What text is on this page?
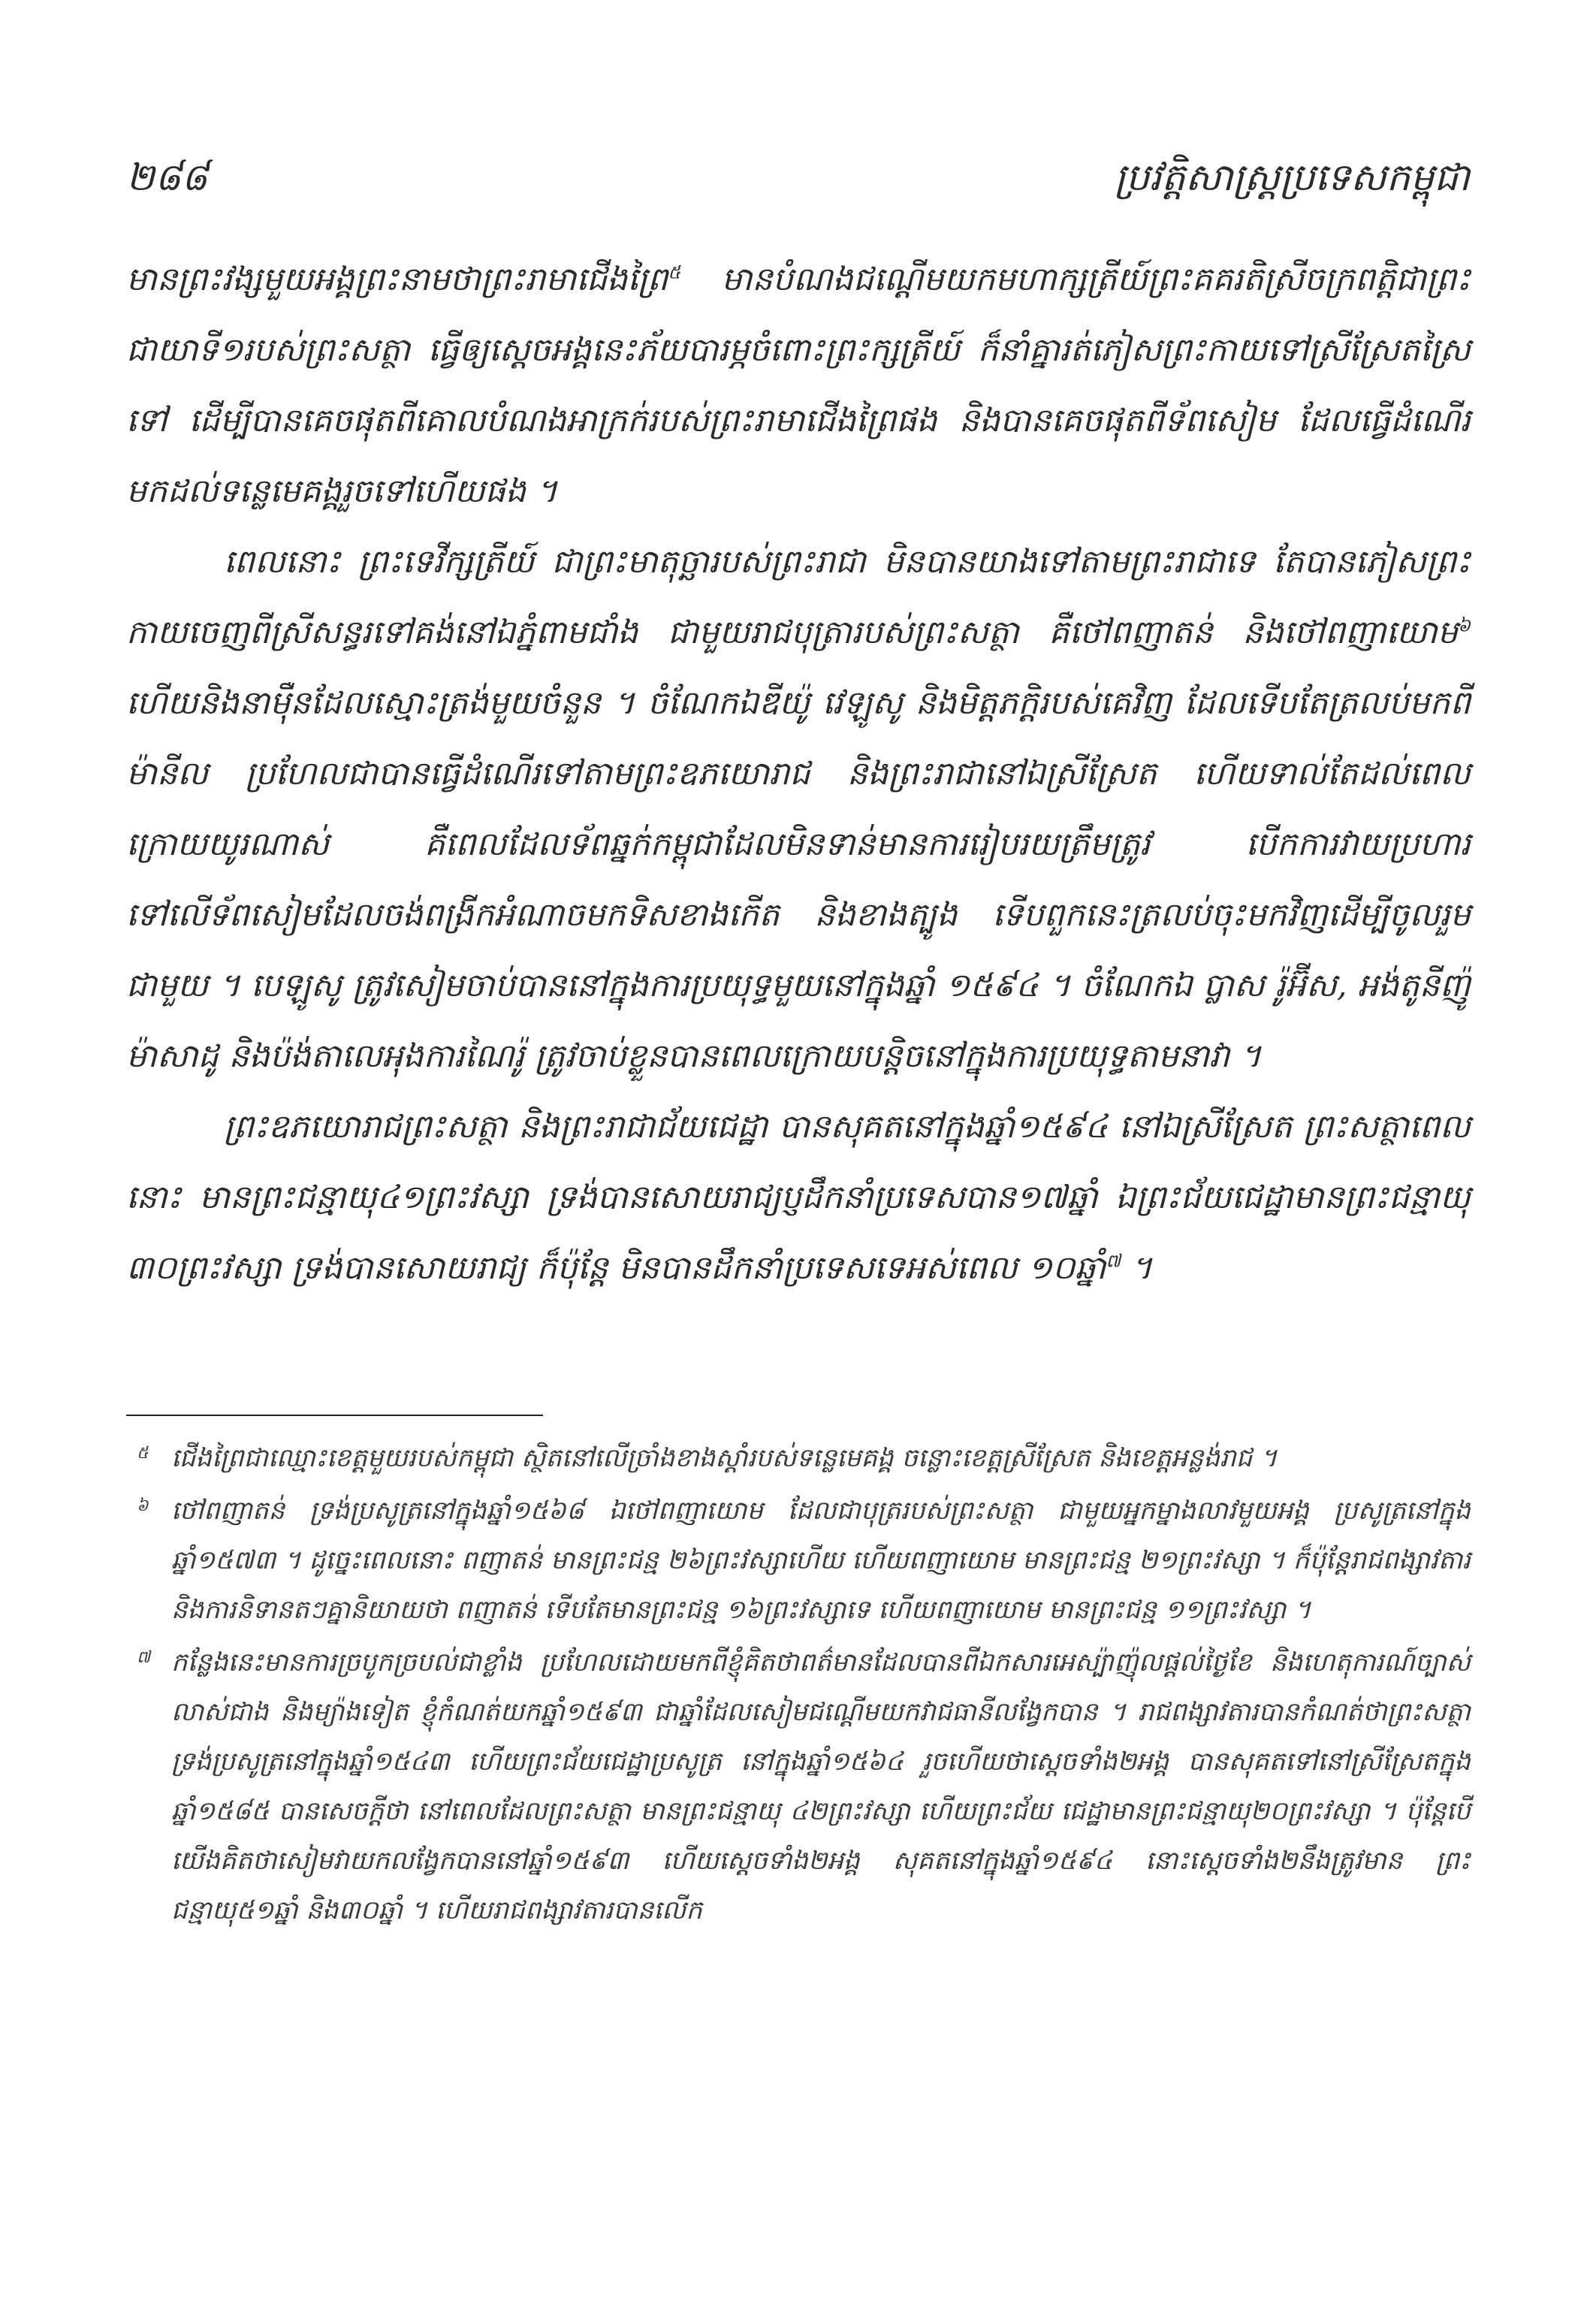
២៨៨	ប្រវត្តិសាស្ត្រប្រទេសកម្ពុជា

មានព្រះវង្សមួយអង្គព្រះនាមថាព្រះរាមាជើងព្រៃ$^៥$ មានបំណងជណ្តើមយកមហាក្សត្រីយ៍ព្រះគគរតិស្រីចក្រពត្តិជាព្រះជាយាទី១របស់ព្រះសត្ថា ធ្វើឲ្យស្តេចអង្គនេះភ័យបារម្ភចំពោះព្រះក្សត្រីយ៍ ក៏នាំគ្នារត់ភៀសព្រះកាយទៅស្រីស្រែតស្រៃទៅ ដើម្បីបានគេចផុតពីគោលបំណងអាក្រក់របស់ព្រះរាមាជើងព្រៃផង និងបានគេចផុតពីទ័ពសៀម ដែលធ្វើដំណើរមកដល់ទន្លេមេគង្គរួចទៅហើយផង ។

ពេលនោះ ព្រះទេវីក្សត្រីយ៍ ជាព្រះមាតុច្ឆារបស់ព្រះរាជា មិនបានយាងទៅតាមព្រះរាជាទេ តែបានភៀសព្រះកាយចេញពីស្រីសន្ធរទៅគង់នៅឯភ្នំពាមជាំង ជាមួយរាជបុត្រារបស់ព្រះសត្ថា គឺថៅពញាតន់ និងថៅពញាយោម$^៦$ ហើយនិងនាម៉ឺនដែលស្មោះត្រង់មួយចំនួន ។ ចំណែកឯឌីយ៉ូ វេឡូសូ និងមិត្តភក្តិរបស់គេវិញ ដែលទើបតែត្រលប់មកពីម៉ានីល ប្រហែលជាបានធ្វើដំណើរទៅតាមព្រះឧភយោរាជ និងព្រះរាជានៅឯស្រីស្រែត ហើយទាល់តែដល់ពេលក្រោយយូរណាស់ គឺពេលដែលទ័ពឆ្នក់កម្ពុជាដែលមិនទាន់មានការរៀបរយត្រឹមត្រូវ បើកការវាយប្រហារទៅលើទ័ពសៀមដែលចង់ពង្រីកអំណាចមកទិសខាងកើត និងខាងត្បូង ទើបពួកនេះត្រលប់ចុះមកវិញដើម្បីចូលរួមជាមួយ ។ បេឡូសូ ត្រូវសៀមចាប់បាននៅក្នុងការប្រយុទ្ធមួយនៅក្នុងឆ្នាំ ១៥៩៤ ។ ចំណែកឯ ប្លាស រ៉ូអ៊ីស, អង់តូនីញ៉ូ ម៉ាសាដូ និងប៉ង់តាលេអុងការណៃរ៉ូ ត្រូវចាប់ខ្លួនបានពេលក្រោយបន្តិចនៅក្នុងការប្រយុទ្ធតាមនាវា ។

ព្រះឧភយោរាជព្រះសត្ថា និងព្រះរាជាជ័យជេដ្ឋា បានសុគតនៅក្នុងឆ្នាំ១៥៩៤ នៅឯស្រីស្រែត ព្រះសត្ថាពេលនោះ មានព្រះជន្មាយុ៤១ព្រះវស្សា ទ្រង់បានសោយរាជ្យប្ញដឹកនាំប្រទេសបាន១៧ឆ្នាំ ឯព្រះជ័យជេដ្ឋាមានព្រះជន្មាយុ ៣០ព្រះវស្សា ទ្រង់បានសោយរាជ្យ ក៏ប៉ុន្តែ មិនបានដឹកនាំប្រទេសទេអស់ពេល ១០ឆ្នាំ$^៧$ ។

៥ ជើងព្រៃជាឈ្មោះខេត្តមួយរបស់កម្ពុជា ស្ថិតនៅលើច្រាំងខាងស្តាំរបស់ទន្លេមេគង្គ ចន្លោះខេត្តស្រីស្រែត និងខេត្តអន្លង់រាជ ។
៦ ថៅពញាតន់ ទ្រង់ប្រសូត្រនៅក្នុងឆ្នាំ១៥៦៨ ឯថៅពញាយោម ដែលជាបុត្ររបស់ព្រះសត្ថា ជាមួយអ្នកម្នាងលាវមួយអង្គ ប្រសូត្រនៅក្នុងឆ្នាំ១៥៧៣ ។ ដូច្នេះពេលនោះ ពញាតន់ មានព្រះជន្ម ២៦ព្រះវស្សាហើយ ហើយពញាយោម មានព្រះជន្ម ២១ព្រះវស្សា ។ ក៏ប៉ុន្តែរាជពង្សាវតារ និងការនិទានតៗគ្នានិយាយថា ពញាតន់ ទើបតែមានព្រះជន្ម ១៦ព្រះវស្សាទេ ហើយពញាយោម មានព្រះជន្ម ១១ព្រះវស្សា ។
៧ កន្លែងនេះមានការច្របូកច្របល់ជាខ្លាំង ប្រហែលដោយមកពីខ្ញុំគិតថាពត៌មានដែលបានពីឯកសារអេស្ប៉ាញ៉ុលផ្តល់ថ្ងៃខែ និងហេតុការណ៍ច្បាស់លាស់ជាង និងម្យ៉ាងទៀត ខ្ញុំកំណត់យកឆ្នាំ១៥៩៣ ជាឆ្នាំដែលសៀមជណ្តើមយកវាជធានីលង្វែកបាន ។ រាជពង្សាវតារបានកំណត់ថាព្រះសត្ថាទ្រង់ប្រសូត្រនៅក្នុងឆ្នាំ១៥៤៣ ហើយព្រះជ័យជេដ្ឋាប្រសូត្រ នៅក្នុងឆ្នាំ១៥៦៤ រួចហើយថាស្តេចទាំង២អង្គ បានសុគតទៅនៅស្រីស្រែតក្នុងឆ្នាំ១៥៨៥ បានសេចក្តីថា នៅពេលដែលព្រះសត្ថា មានព្រះជន្មាយុ ៤២ព្រះវស្សា ហើយព្រះជ័យ ជេដ្ឋាមានព្រះជន្មាយុ២០ព្រះវស្សា ។ ប៉ុន្តែបើយើងគិតថាសៀមវាយកលង្វែកបាននៅឆ្នាំ១៥៩៣ ហើយស្តេចទាំង២អង្គ សុគតនៅក្នុងឆ្នាំ១៥៩៤ នោះស្តេចទាំង២នឹងត្រូវមាន ព្រះជន្មាយុ៥១ឆ្នាំ និង៣០ឆ្នាំ ។ ហើយរាជពង្សាវតារបានលើក
